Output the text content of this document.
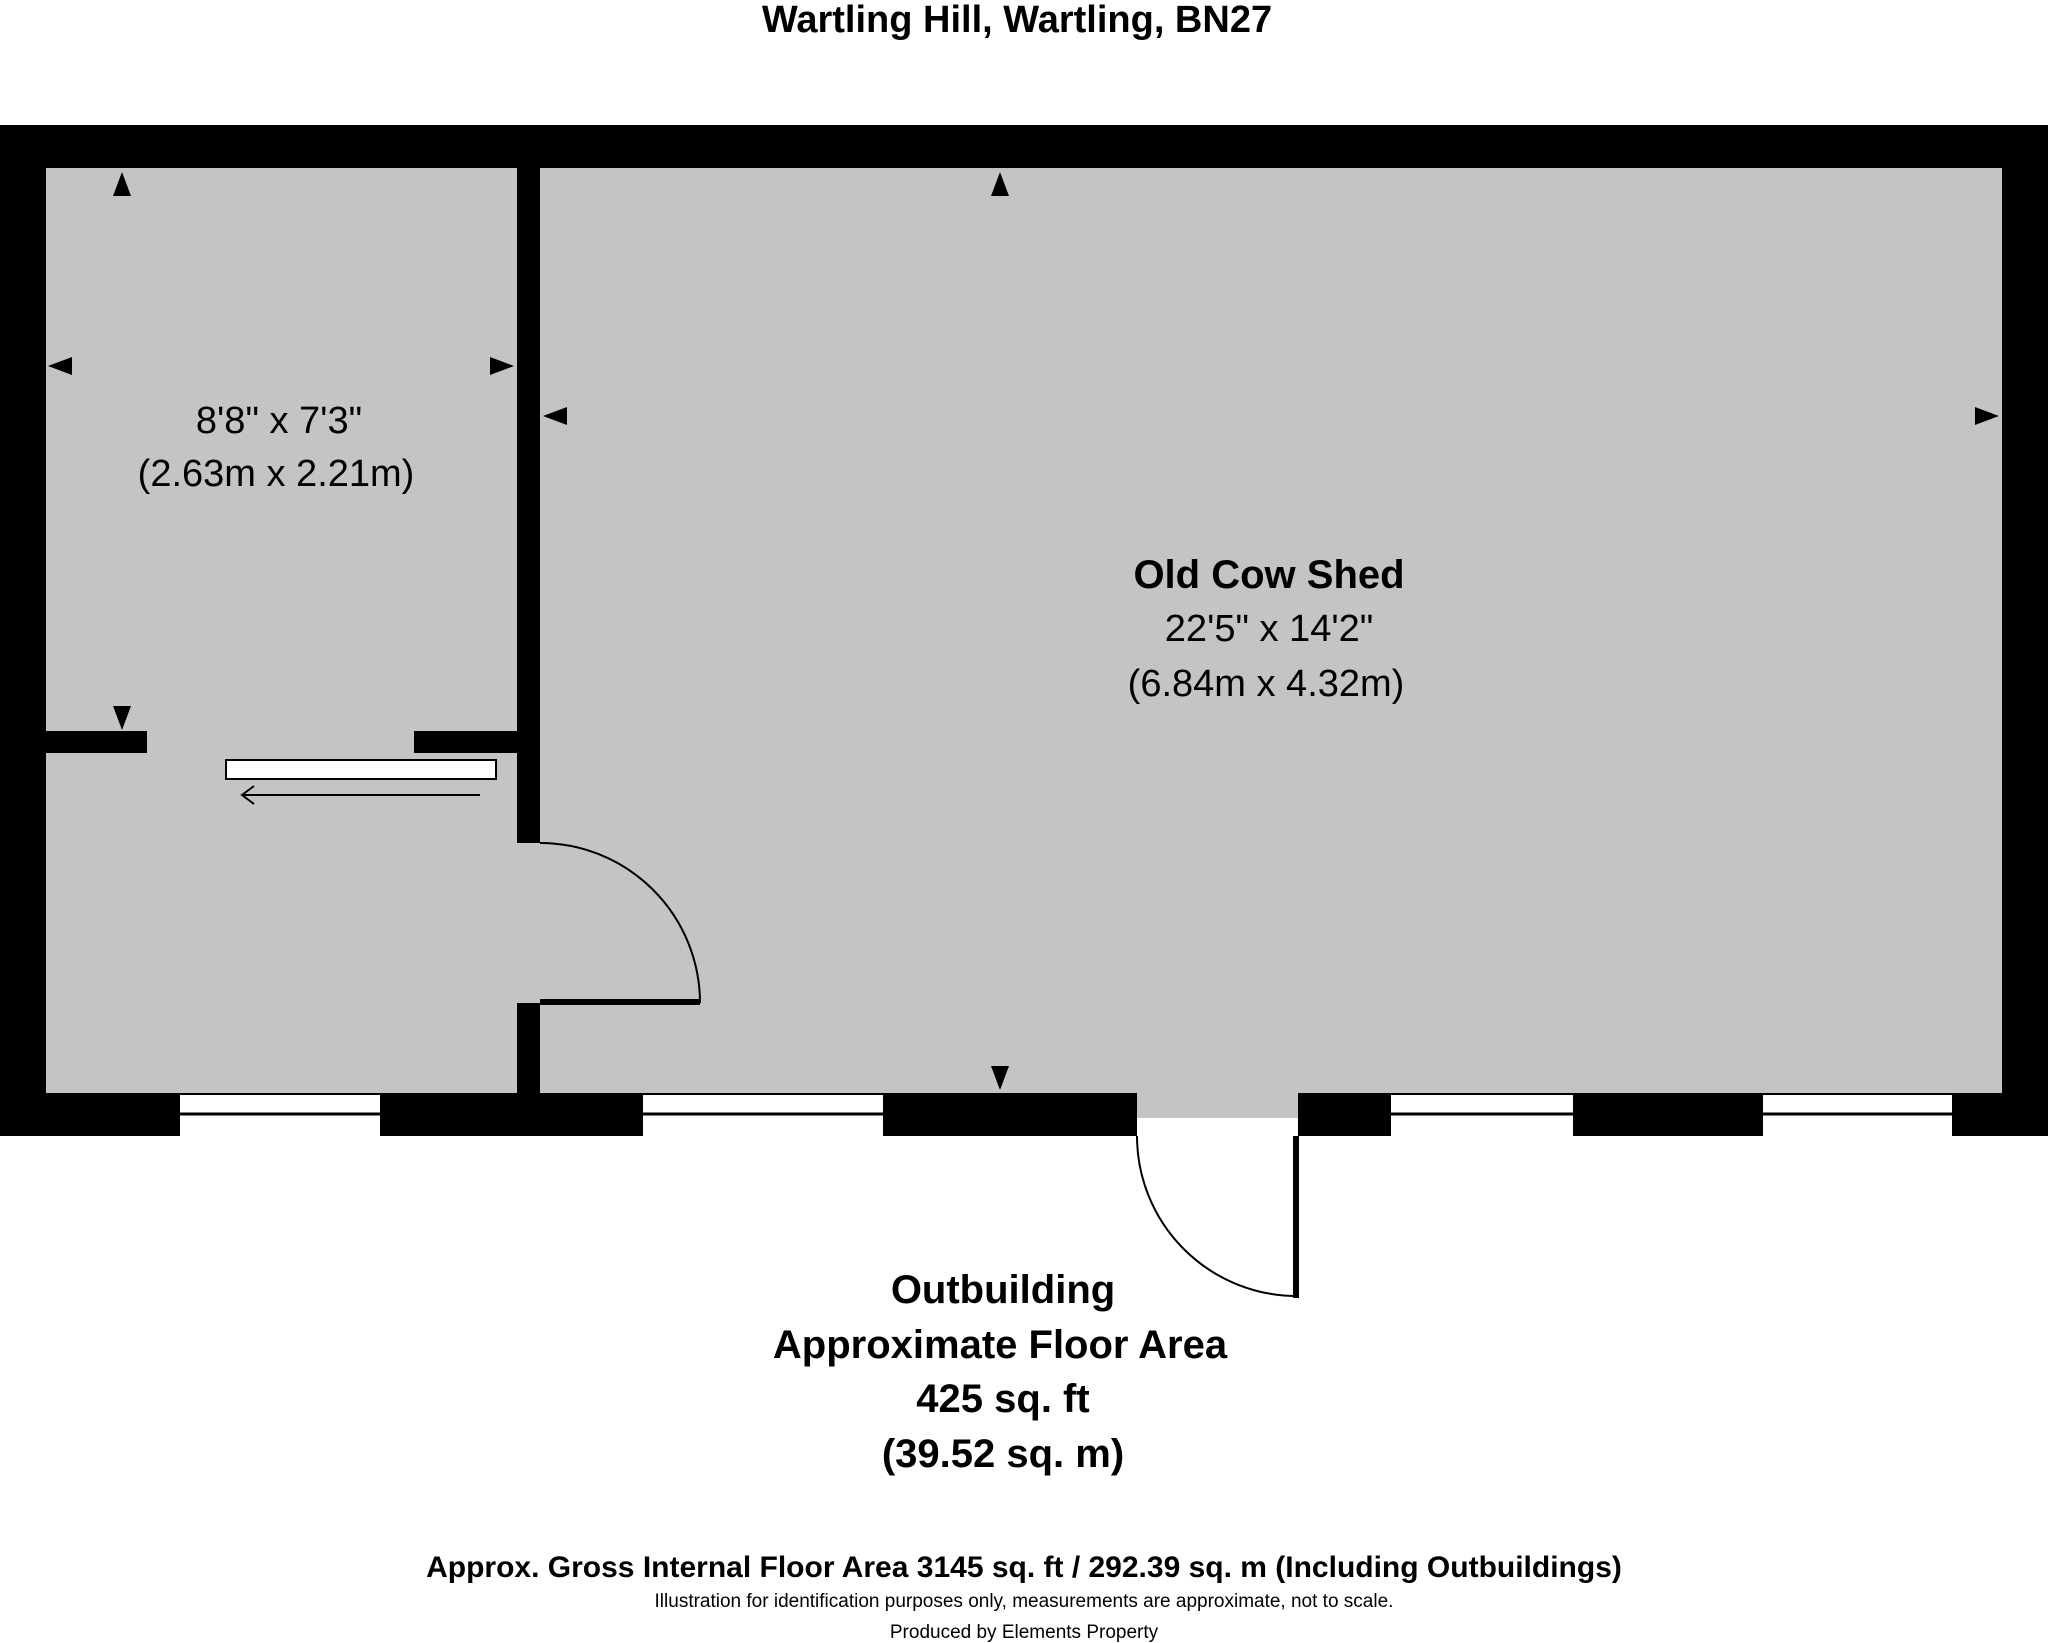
Wartling Hill, Wartling, BN27
8'8" x 7'3"
(2.63m x 2.21m)
Old Cow Shed
22'5" x 14'2"
(6.84m x 4.32m)
Outbuilding
Approximate Floor Area
425 sq. ft
(39.52 sq. m)
Approx. Gross Internal Floor Area 3145 sq. ft / 292.39 sq. m (Including Outbuildings)
Illustration for identification purposes only, measurements are approximate, not to scale.
Produced by Elements Property
